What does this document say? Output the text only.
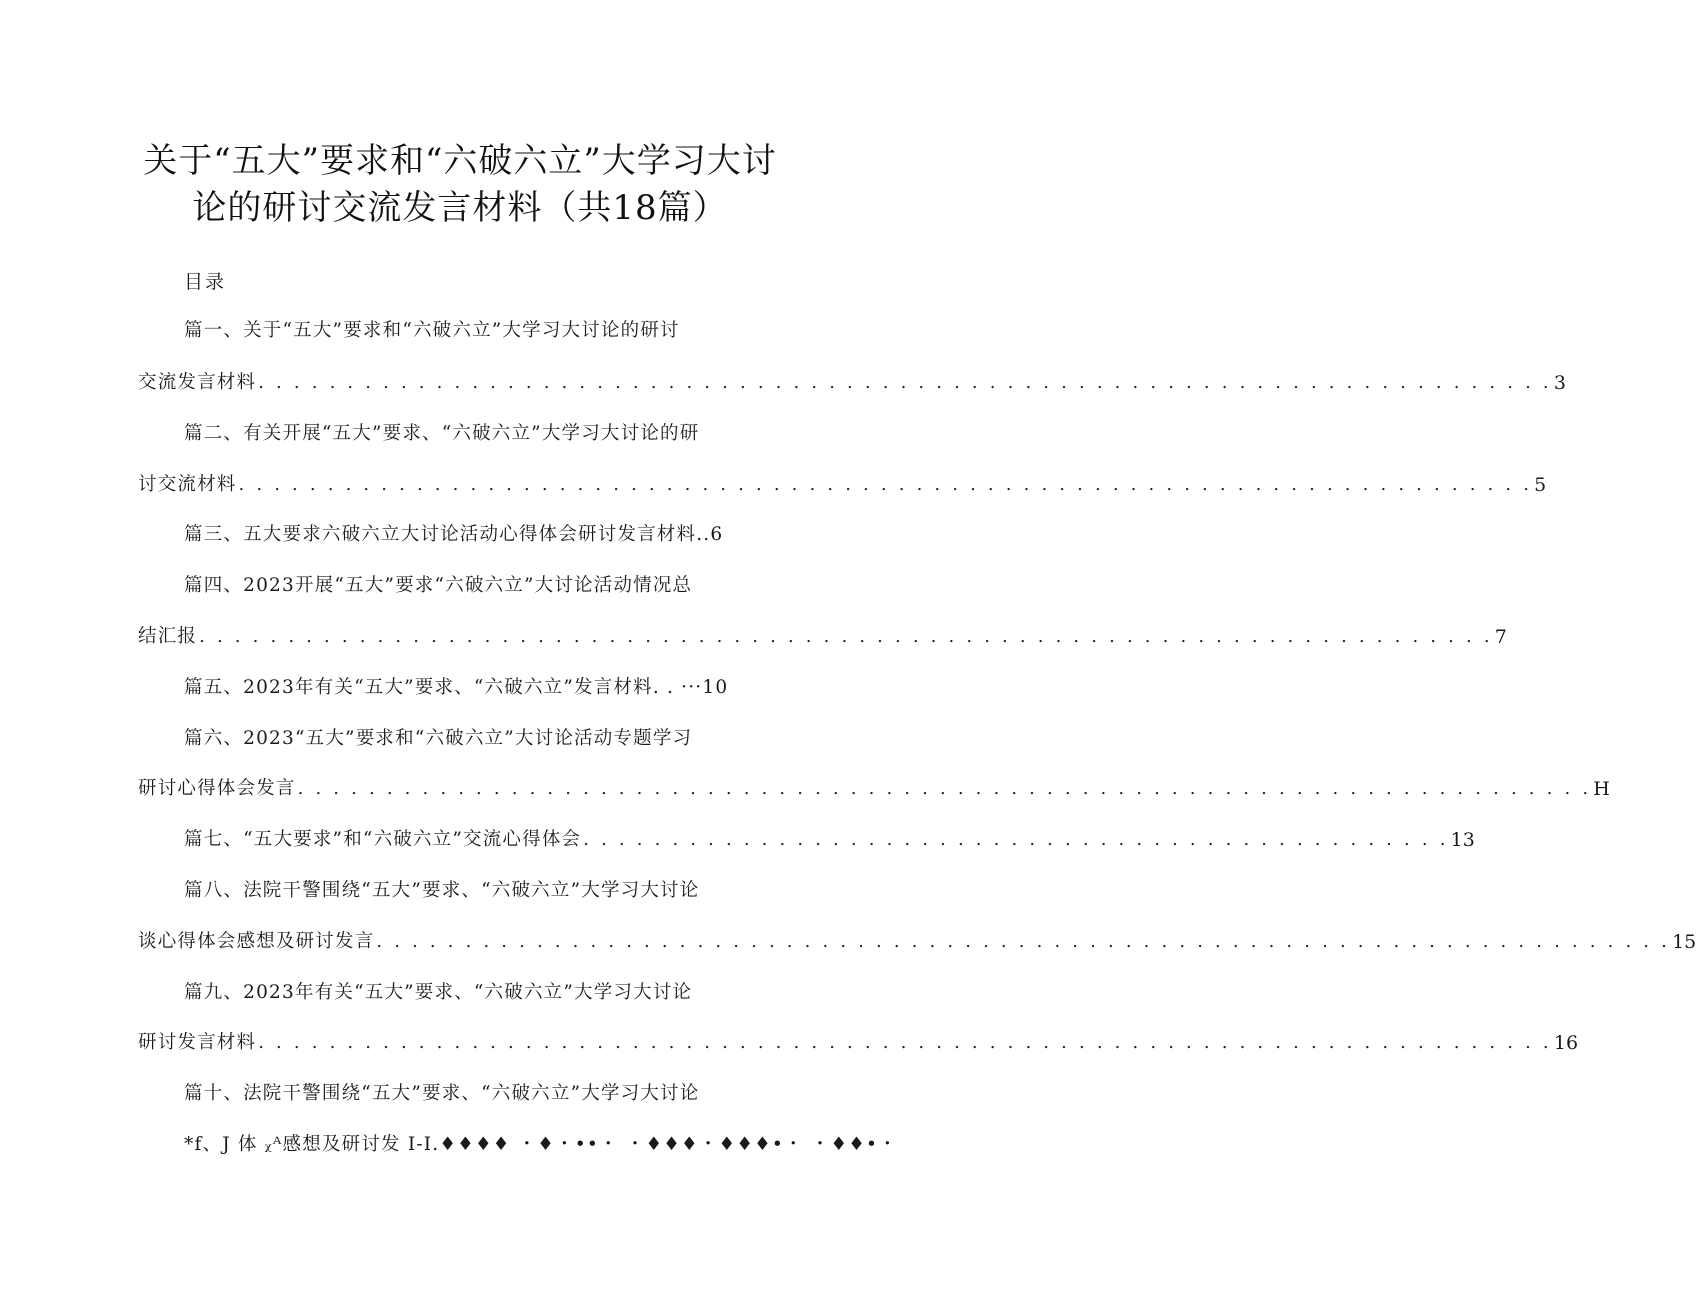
关于“五大”要求和“六破六立”大学习大讨
论的研讨交流发言材料（共18篇）
目录
篇一、关于“五大”要求和“六破六立”大学习大讨论的研讨
交流发言材料 . . . . . . . . . . . . . . . . . . . . . . . . . . . . . . . . . . . . . . . . . . . . . . . . . . . . . . . . . . . . . . . . . . . . . . . . . 3
篇二、有关开展“五大”要求、“六破六立”大学习大讨论的研
讨交流材料 . . . . . . . . . . . . . . . . . . . . . . . . . . . . . . . . . . . . . . . . . . . . . . . . . . . . . . . . . . . . . . . . . . . . . . . . . 5
篇三、五大要求六破六立大讨论活动心得体会研讨发言材料..6
篇四、2023开展“五大”要求“六破六立”大讨论活动情况总
结汇报 . . . . . . . . . . . . . . . . . . . . . . . . . . . . . . . . . . . . . . . . . . . . . . . . . . . . . . . . . . . . . . . . . . . . . . . . . 7
篇五、2023年有关“五大”要求、“六破六立”发言材料. . ···10
篇六、2023“五大”要求和“六破六立”大讨论活动专题学习
研讨心得体会发言 . . . . . . . . . . . . . . . . . . . . . . . . . . . . . . . . . . . . . . . . . . . . . . . . . . . . . . . . . . . . . . . . . . . . . . . . . H
篇七、“五大要求”和“六破六立”交流心得体会 . . . . . . . . . . . . . . . . . . . . . . . . . . . . . . . . . . . . . . . . . . . . . . . . . 13
篇八、法院干警围绕“五大”要求、“六破六立”大学习大讨论
谈心得体会感想及研讨发言 . . . . . . . . . . . . . . . . . . . . . . . . . . . . . . . . . . . . . . . . . . . . . . . . . . . . . . . . . . . . . . . . . . . . . . . . . 15
篇九、2023年有关“五大”要求、“六破六立”大学习大讨论
研讨发言材料 . . . . . . . . . . . . . . . . . . . . . . . . . . . . . . . . . . . . . . . . . . . . . . . . . . . . . . . . . . . . . . . . . . . . . . . . . 16
篇十、法院干警围绕“五大”要求、“六破六立”大学习大讨论
*f、J 体 ᵪᴬ感想及研讨发 I-I.♦♦♦♦ ・♦・••・ ・♦♦♦・♦♦♦•・ ・♦♦•・
